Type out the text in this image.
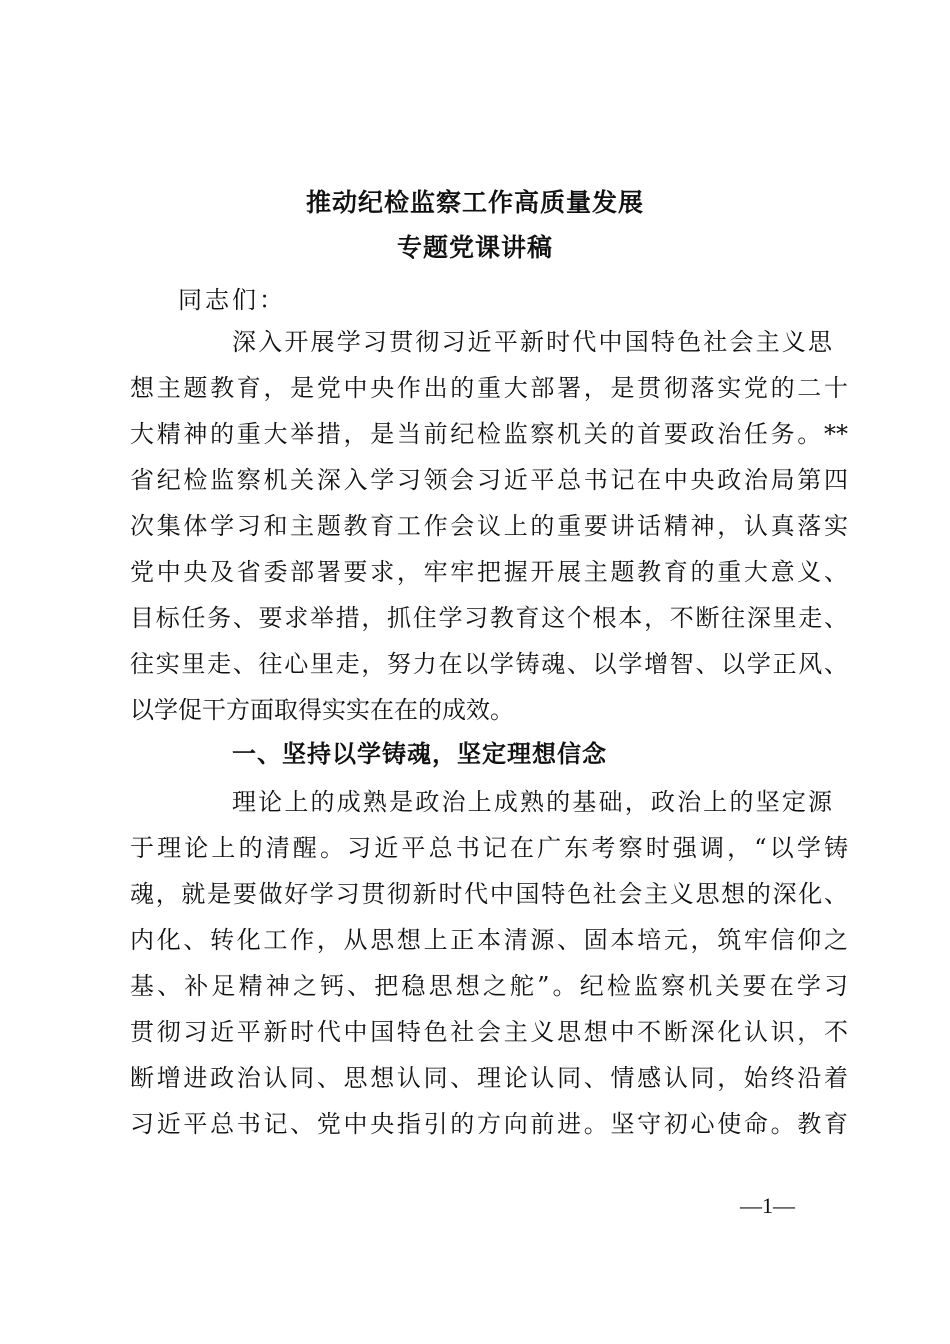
推动纪检监察工作高质量发展
专题党课讲稿
同志们：
深入开展学习贯彻习近平新时代中国特色社会主义思
想主题教育，是党中央作出的重大部署，是贯彻落实党的二十
大精神的重大举措，是当前纪检监察机关的首要政治任务。**
省纪检监察机关深入学习领会习近平总书记在中央政治局第四
次集体学习和主题教育工作会议上的重要讲话精神，认真落实
党中央及省委部署要求，牢牢把握开展主题教育的重大意义、
目标任务、要求举措，抓住学习教育这个根本，不断往深里走、
往实里走、往心里走，努力在以学铸魂、以学增智、以学正风、
以学促干方面取得实实在在的成效。
一、坚持以学铸魂，坚定理想信念
理论上的成熟是政治上成熟的基础，政治上的坚定源
于理论上的清醒。习近平总书记在广东考察时强调，“以学铸
魂，就是要做好学习贯彻新时代中国特色社会主义思想的深化、
内化、转化工作，从思想上正本清源、固本培元，筑牢信仰之
基、补足精神之钙、把稳思想之舵”。纪检监察机关要在学习
贯彻习近平新时代中国特色社会主义思想中不断深化认识，不
断增进政治认同、思想认同、理论认同、情感认同，始终沿着
习近平总书记、党中央指引的方向前进。坚守初心使命。教育
—1—
